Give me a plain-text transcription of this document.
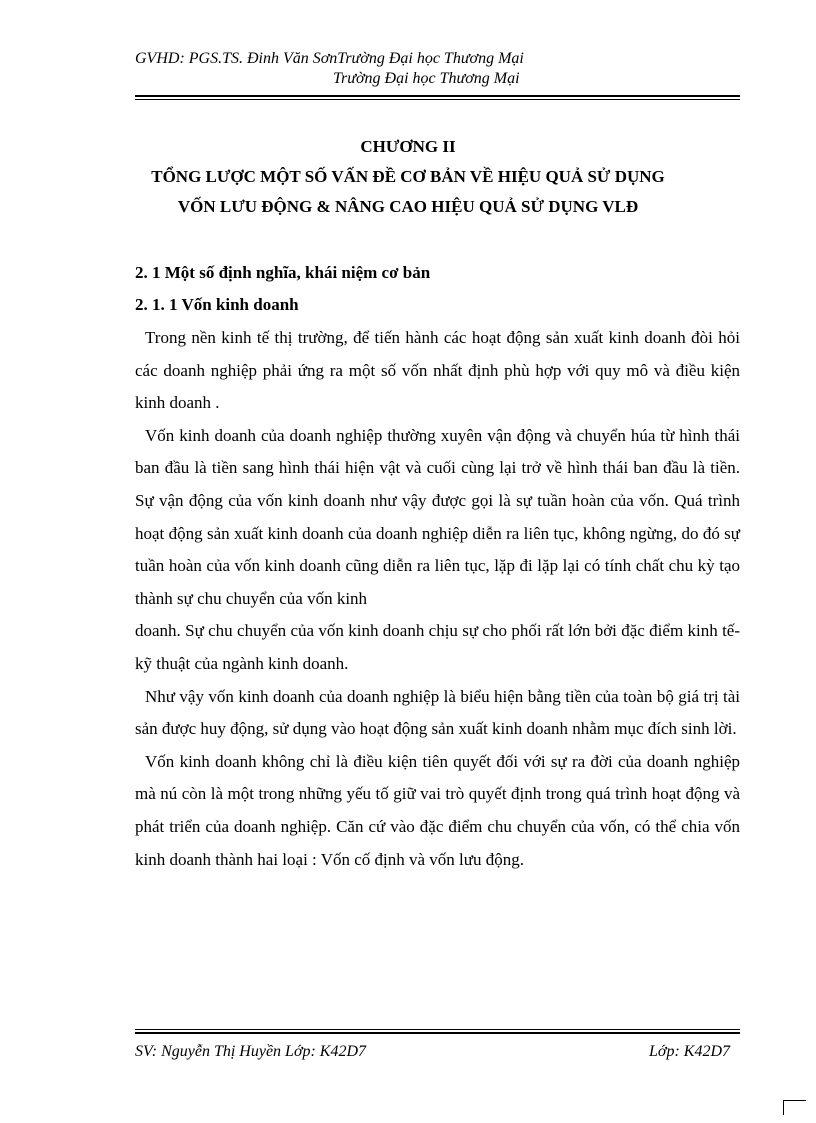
GVHD: PGS.TS. Đinh Văn SơnTrường Đại học Thương Mại
Trường Đại học Thương Mại
CHƯƠNG II
TỔNG LƯỢC MỘT SỐ VẤN ĐỀ CƠ BẢN VỀ HIỆU QUẢ SỬ DỤNG
VỐN LƯU ĐỘNG & NÂNG CAO HIỆU QUẢ SỬ DỤNG VLĐ
2. 1 Một số định nghĩa, khái niệm cơ bản
2. 1. 1 Vốn kinh doanh

Trong nền kinh tế thị trường, để tiến hành các hoạt động sản xuất kinh doanh đòi hỏi các doanh nghiệp phải ứng ra một số vốn nhất định phù hợp với quy mô và điều kiện kinh doanh .

Vốn kinh doanh của doanh nghiệp thường xuyên vận động và chuyển húa từ hình thái ban đầu là tiền sang hình thái hiện vật và cuối cùng lại trở về hình thái ban đầu là tiền. Sự vận động của vốn kinh doanh như vậy được gọi là sự tuần hoàn của vốn. Quá trình hoạt động sản xuất kinh doanh của doanh nghiệp diễn ra liên tục, không ngừng, do đó sự tuần hoàn của vốn kinh doanh cũng diễn ra liên tục, lặp đi lặp lại có tính chất chu kỳ tạo thành sự chu chuyển của vốn kinh

doanh. Sự chu chuyển của vốn kinh doanh chịu sự cho phối rất lớn bởi đặc điểm kinh tế- kỹ thuật của ngành kinh doanh.

Như vậy vốn kinh doanh của doanh nghiệp là biểu hiện bằng tiền của toàn bộ giá trị tài sản được huy động, sử dụng vào hoạt động sản xuất kinh doanh nhằm mục đích sinh lời.

Vốn kinh doanh không chỉ là điều kiện tiên quyết đối với sự ra đời của doanh nghiệp mà nú còn là một trong những yếu tố giữ vai trò quyết định trong quá trình hoạt động và phát triển của doanh nghiệp. Căn cứ vào đặc điểm chu chuyển của vốn, có thể chia vốn kinh doanh thành hai loại : Vốn cố định và vốn lưu động.

SV: Nguyễn Thị Huyền Lớp: K42D7	Lớp: K42D7
